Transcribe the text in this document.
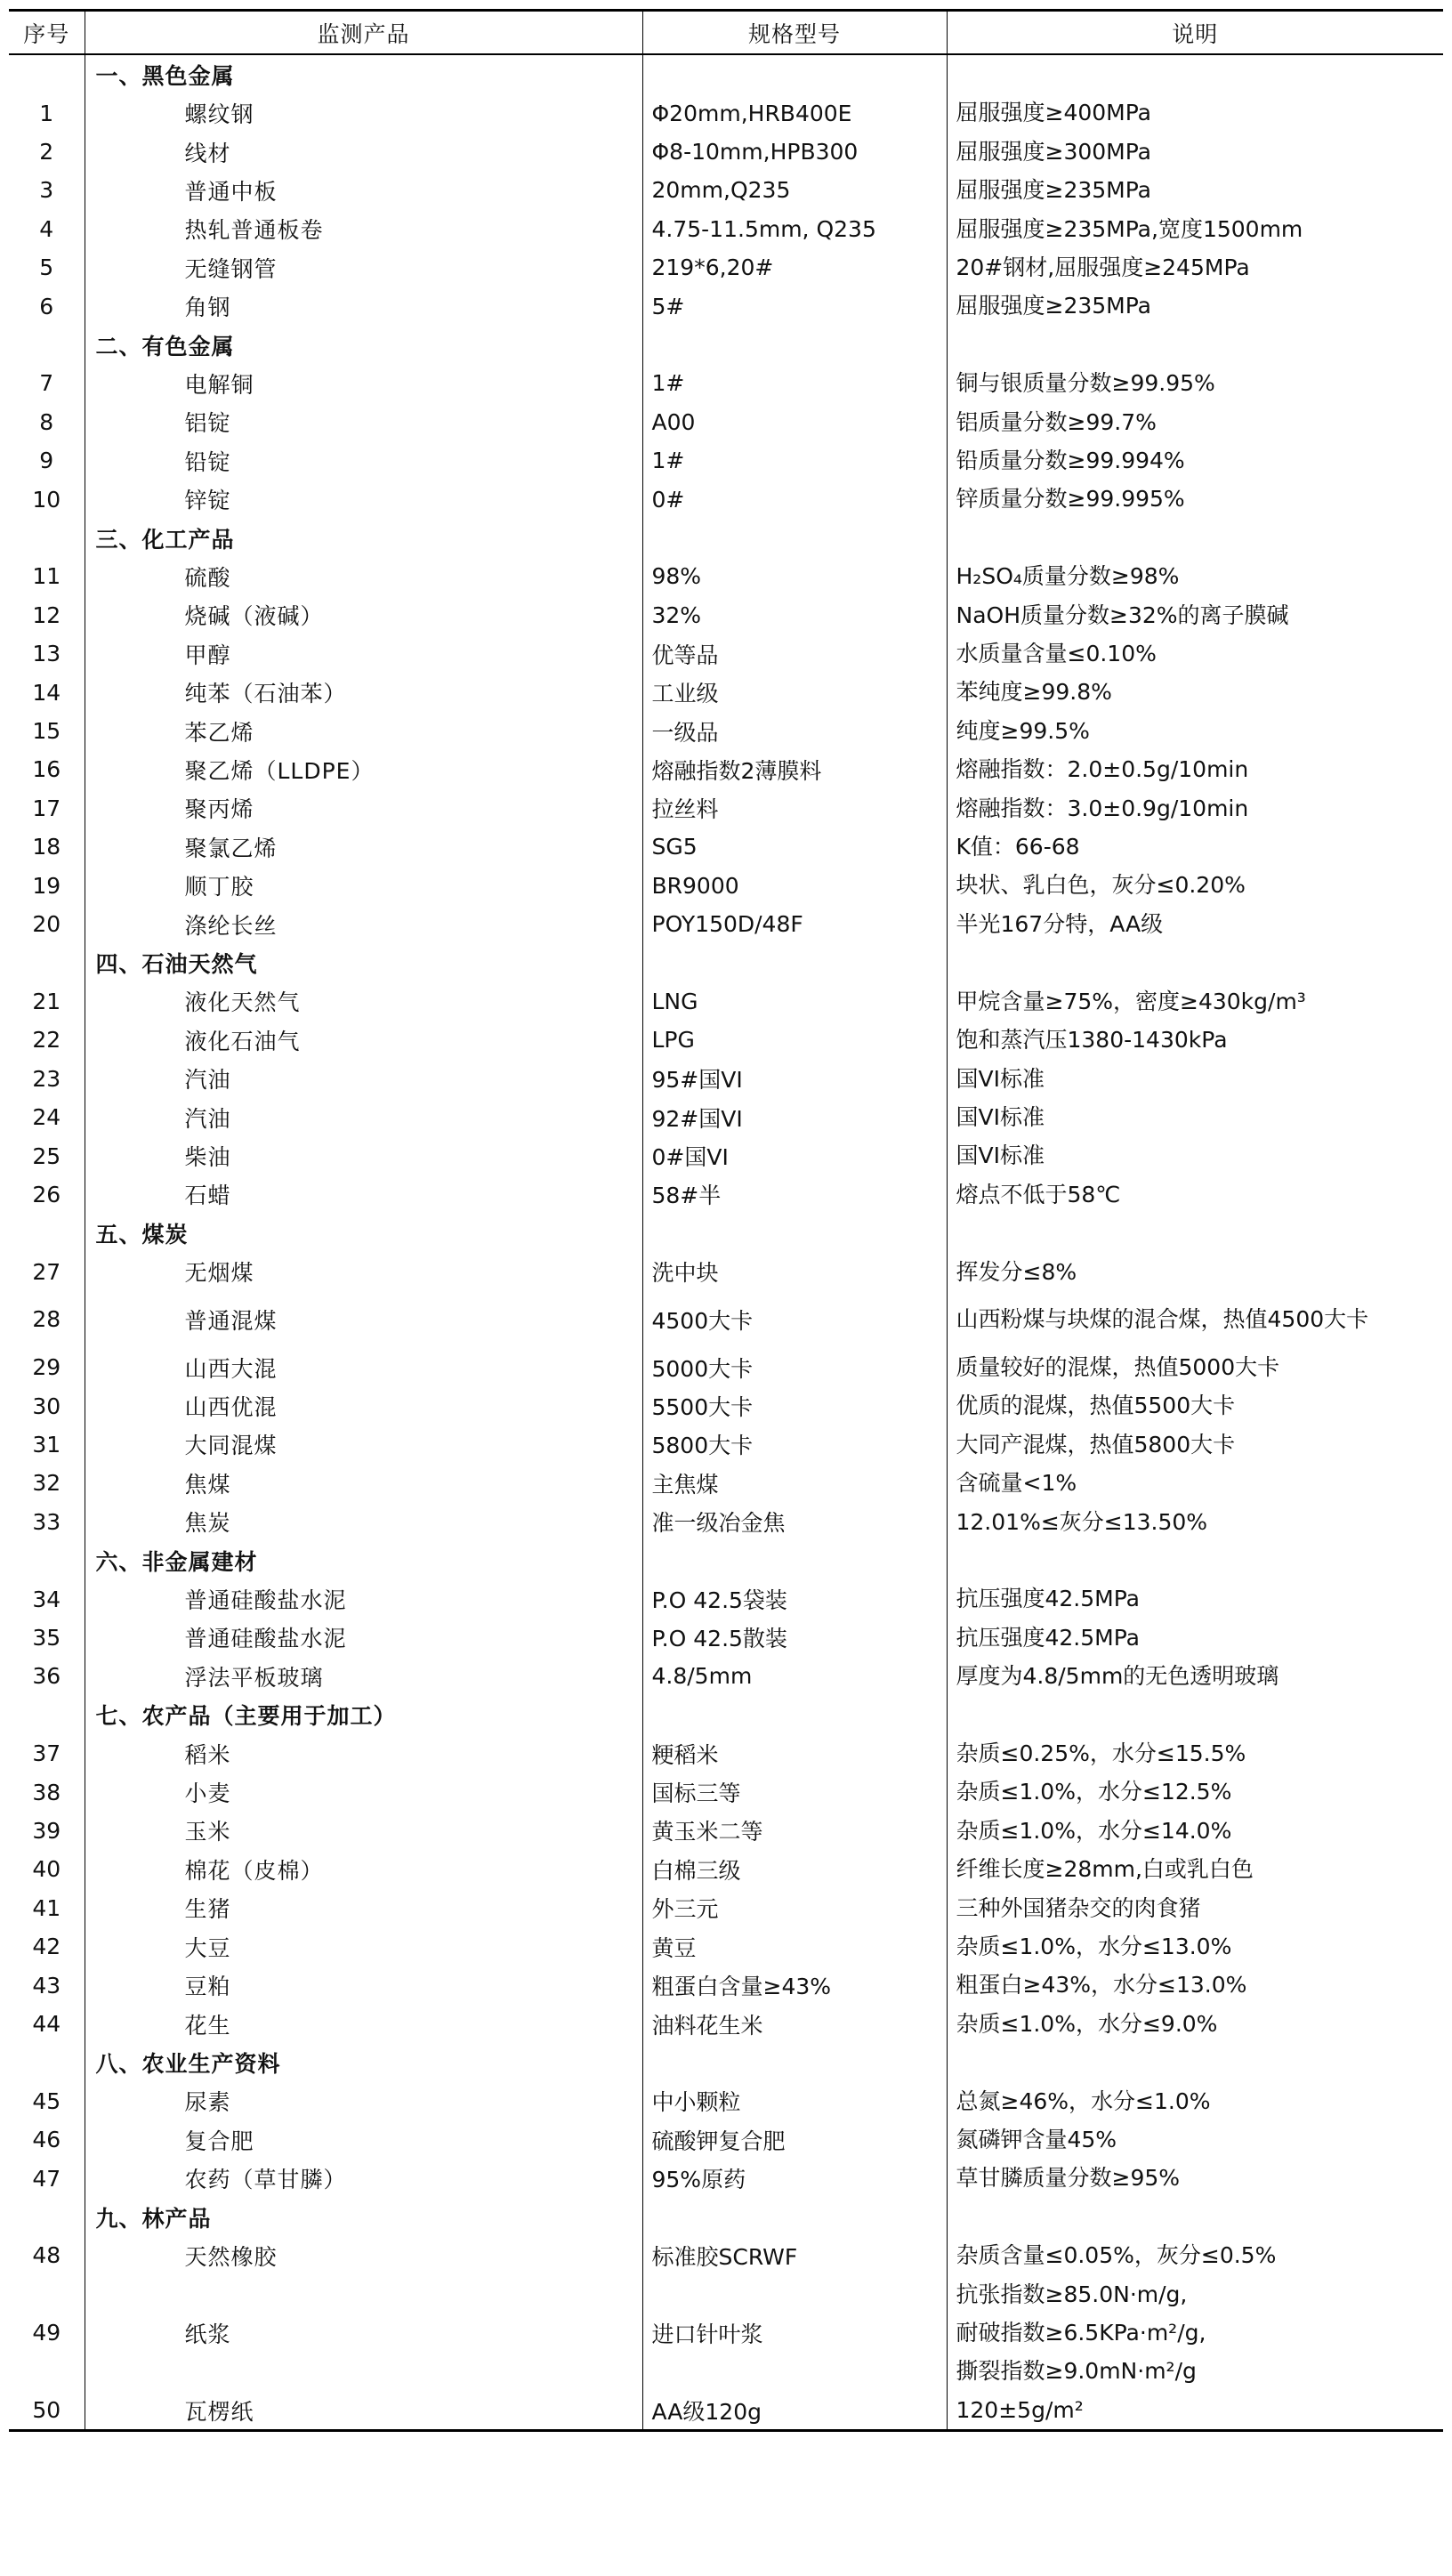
序号	监测产品	规格型号	说明
	一、黑色金属		
1	螺纹钢	Φ20mm,HRB400E	屈服强度≥400MPa
2	线材	Φ8-10mm,HPB300	屈服强度≥300MPa
3	普通中板	20mm,Q235	屈服强度≥235MPa
4	热轧普通板卷	4.75-11.5mm, Q235	屈服强度≥235MPa,宽度1500mm
5	无缝钢管	219*6,20#	20#钢材,屈服强度≥245MPa
6	角钢	5#	屈服强度≥235MPa
	二、有色金属		
7	电解铜	1#	铜与银质量分数≥99.95%
8	铝锭	A00	铝质量分数≥99.7%
9	铅锭	1#	铅质量分数≥99.994%
10	锌锭	0#	锌质量分数≥99.995%
	三、化工产品		
11	硫酸	98%	H₂SO₄质量分数≥98%
12	烧碱（液碱）	32%	NaOH质量分数≥32%的离子膜碱
13	甲醇	优等品	水质量含量≤0.10%
14	纯苯（石油苯）	工业级	苯纯度≥99.8%
15	苯乙烯	一级品	纯度≥99.5%
16	聚乙烯（LLDPE）	熔融指数2薄膜料	熔融指数：2.0±0.5g/10min
17	聚丙烯	拉丝料	熔融指数：3.0±0.9g/10min
18	聚氯乙烯	SG5	K值：66-68
19	顺丁胶	BR9000	块状、乳白色，灰分≤0.20%
20	涤纶长丝	POY150D/48F	半光167分特，AA级
	四、石油天然气		
21	液化天然气	LNG	甲烷含量≥75%，密度≥430kg/m³
22	液化石油气	LPG	饱和蒸汽压1380-1430kPa
23	汽油	95#国VI	国VI标准
24	汽油	92#国VI	国VI标准
25	柴油	0#国VI	国VI标准
26	石蜡	58#半	熔点不低于58℃
	五、煤炭		
27	无烟煤	洗中块	挥发分≤8%
28	普通混煤	4500大卡	山西粉煤与块煤的混合煤，热值4500大卡
29	山西大混	5000大卡	质量较好的混煤，热值5000大卡
30	山西优混	5500大卡	优质的混煤，热值5500大卡
31	大同混煤	5800大卡	大同产混煤，热值5800大卡
32	焦煤	主焦煤	含硫量<1%
33	焦炭	准一级冶金焦	12.01%≤灰分≤13.50%
	六、非金属建材		
34	普通硅酸盐水泥	P.O 42.5袋装	抗压强度42.5MPa
35	普通硅酸盐水泥	P.O 42.5散装	抗压强度42.5MPa
36	浮法平板玻璃	4.8/5mm	厚度为4.8/5mm的无色透明玻璃
	七、农产品（主要用于加工）		
37	稻米	粳稻米	杂质≤0.25%，水分≤15.5%
38	小麦	国标三等	杂质≤1.0%，水分≤12.5%
39	玉米	黄玉米二等	杂质≤1.0%，水分≤14.0%
40	棉花（皮棉）	白棉三级	纤维长度≥28mm,白或乳白色
41	生猪	外三元	三种外国猪杂交的肉食猪
42	大豆	黄豆	杂质≤1.0%，水分≤13.0%
43	豆粕	粗蛋白含量≥43%	粗蛋白≥43%，水分≤13.0%
44	花生	油料花生米	杂质≤1.0%，水分≤9.0%
	八、农业生产资料		
45	尿素	中小颗粒	总氮≥46%，水分≤1.0%
46	复合肥	硫酸钾复合肥	氮磷钾含量45%
47	农药（草甘膦）	95%原药	草甘膦质量分数≥95%
	九、林产品		
48	天然橡胶	标准胶SCRWF	杂质含量≤0.05%，灰分≤0.5%
			抗张指数≥85.0N·m/g,
49	纸浆	进口针叶浆	耐破指数≥6.5KPa·m²/g,
			撕裂指数≥9.0mN·m²/g
50	瓦楞纸	AA级120g	120±5g/m²
